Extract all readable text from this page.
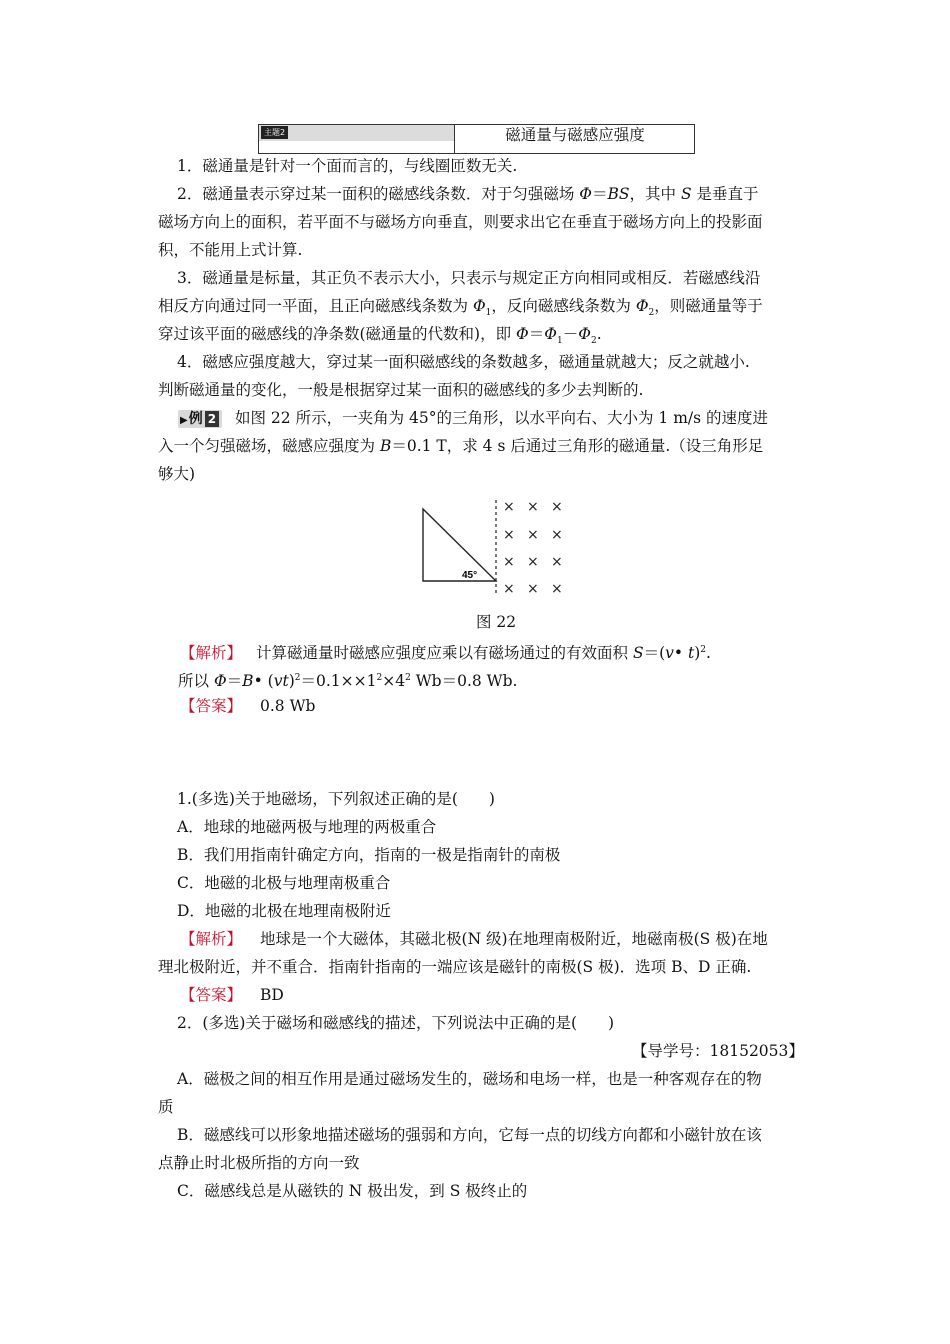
主题2	磁通量与磁感应强度
1．磁通量是针对一个面而言的，与线圈匝数无关.
2．磁通量表示穿过某一面积的磁感线条数．对于匀强磁场 Φ＝BS，其中 S 是垂直于
磁场方向上的面积，若平面不与磁场方向垂直，则要求出它在垂直于磁场方向上的投影面
积，不能用上式计算.
3．磁通量是标量，其正负不表示大小，只表示与规定正方向相同或相反．若磁感线沿
相反方向通过同一平面，且正向磁感线条数为 $\Phi_1$，反向磁感线条数为 $\Phi_2$，则磁通量等于
穿过该平面的磁感线的净条数(磁通量的代数和)，即 $\Phi=\Phi_1-\Phi_2$.
4．磁感应强度越大，穿过某一面积磁感线的条数越多，磁通量就越大；反之就越小.
判断磁通量的变化，一般是根据穿过某一面积的磁感线的多少去判断的.
▶例 2 如图 22 所示，一夹角为 45°的三角形，以水平向右、大小为 1 m/s 的速度进
入一个匀强磁场，磁感应强度为 B＝0.1 T，求 4 s 后通过三角形的磁通量.（设三角形足
够大)
45°
× × ×
× × ×
× × ×
× × ×
图 22
【解析】 计算磁通量时磁感应强度应乘以有磁场通过的有效面积 S＝(v• t)$^2$.
所以 Φ＝B• $(vt)^2=0.1\times\times 1^2\times 4^2$ Wb＝0.8 Wb.
【答案】 0.8 Wb
1.(多选)关于地磁场，下列叙述正确的是(　　)
A．地球的地磁两极与地理的两极重合
B．我们用指南针确定方向，指南的一极是指南针的南极
C．地磁的北极与地理南极重合
D．地磁的北极在地理南极附近
【解析】 地球是一个大磁体，其磁北极(N 级)在地理南极附近，地磁南极(S 极)在地
理北极附近，并不重合．指南针指南的一端应该是磁针的南极(S 极)．选项 B、D 正确.
【答案】 BD
2．(多选)关于磁场和磁感线的描述，下列说法中正确的是(　　)
【导学号：18152053】
A．磁极之间的相互作用是通过磁场发生的，磁场和电场一样，也是一种客观存在的物
质
B．磁感线可以形象地描述磁场的强弱和方向，它每一点的切线方向都和小磁针放在该
点静止时北极所指的方向一致
C．磁感线总是从磁铁的 N 极出发，到 S 极终止的
